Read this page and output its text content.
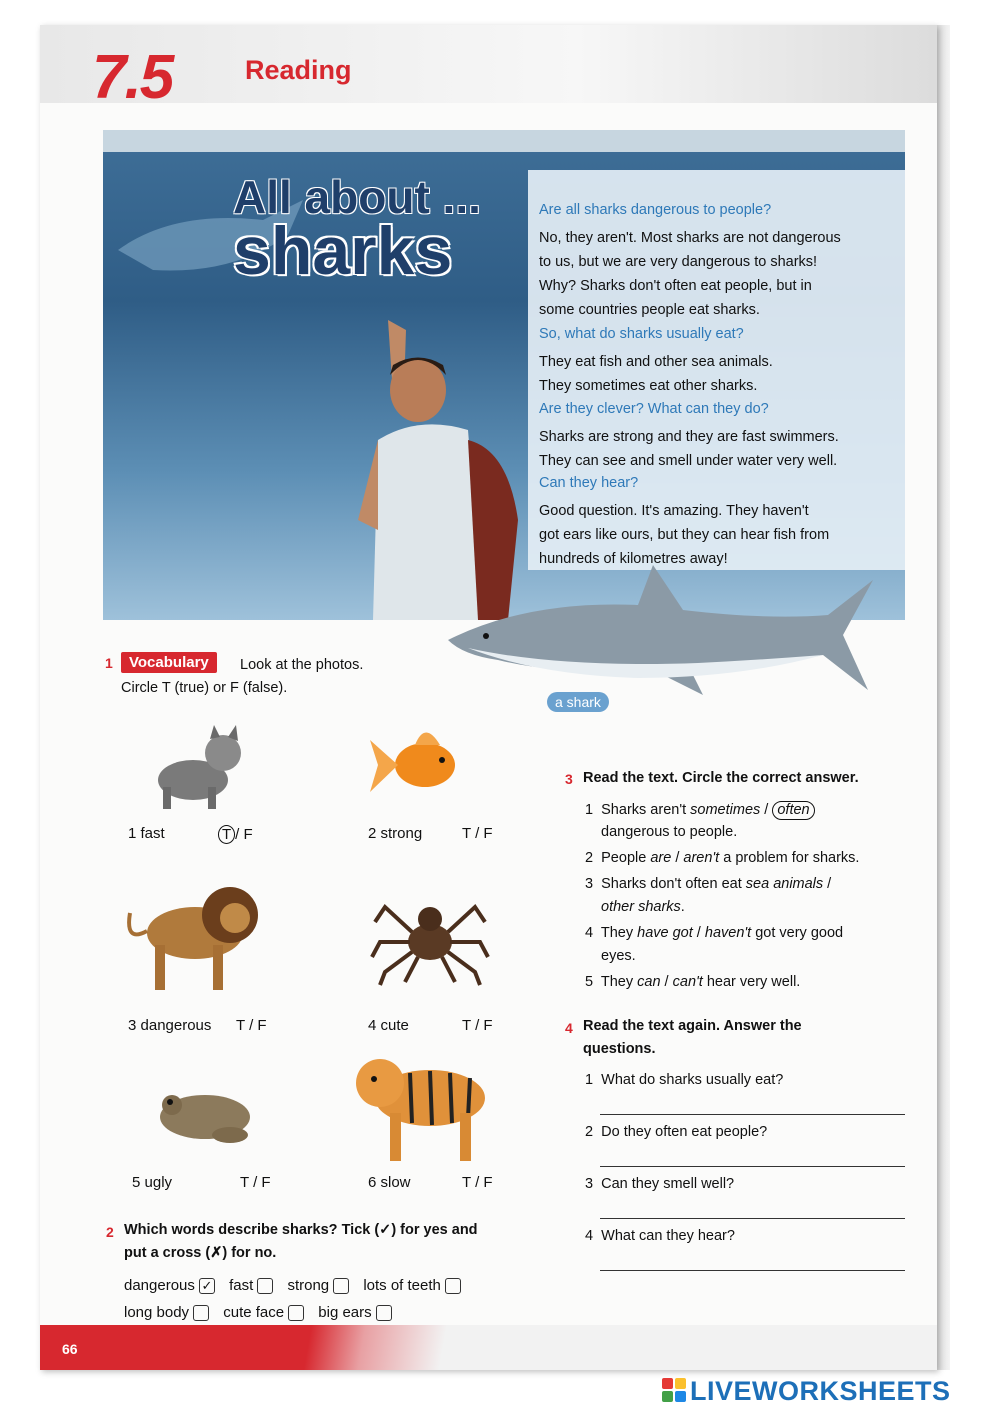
7.5	Reading
All about ...
sharks
Are all sharks dangerous to people?
No, they aren't. Most sharks are not dangerous
to us, but we are very dangerous to sharks!
Why? Sharks don't often eat people, but in
some countries people eat sharks.
So, what do sharks usually eat?
They eat fish and other sea animals.
They sometimes eat other sharks.
Are they clever? What can they do?
Sharks are strong and they are fast swimmers.
They can see and smell under water very well.
Can they hear?
Good question. It's amazing. They haven't
got ears like ours, but they can hear fish from
hundreds of kilometres away!
a shark
1	Vocabulary	Look at the photos.
Circle T (true) or F (false).
1 fast	T / F	2 strong	T / F
3 dangerous T / F	4 cute	T / F
5 ugly	T / F	6 slow	T / F
2 Which words describe sharks? Tick (✓) for yes and
put a cross (✗) for no.
dangerous ✓ fast strong lots of teeth
long body cute face big ears
3 Read the text. Circle the correct answer.
1 Sharks aren't sometimes / often
dangerous to people.
2 People are / aren't a problem for sharks.
3 Sharks don't often eat sea animals /
other sharks.
4 They have got / haven't got very good
eyes.
5 They can / can't hear very well.
4 Read the text again. Answer the
questions.
1 What do sharks usually eat?
2 Do they often eat people?
3 Can they smell well?
4 What can they hear?
66
LIVEWORKSHEETS
